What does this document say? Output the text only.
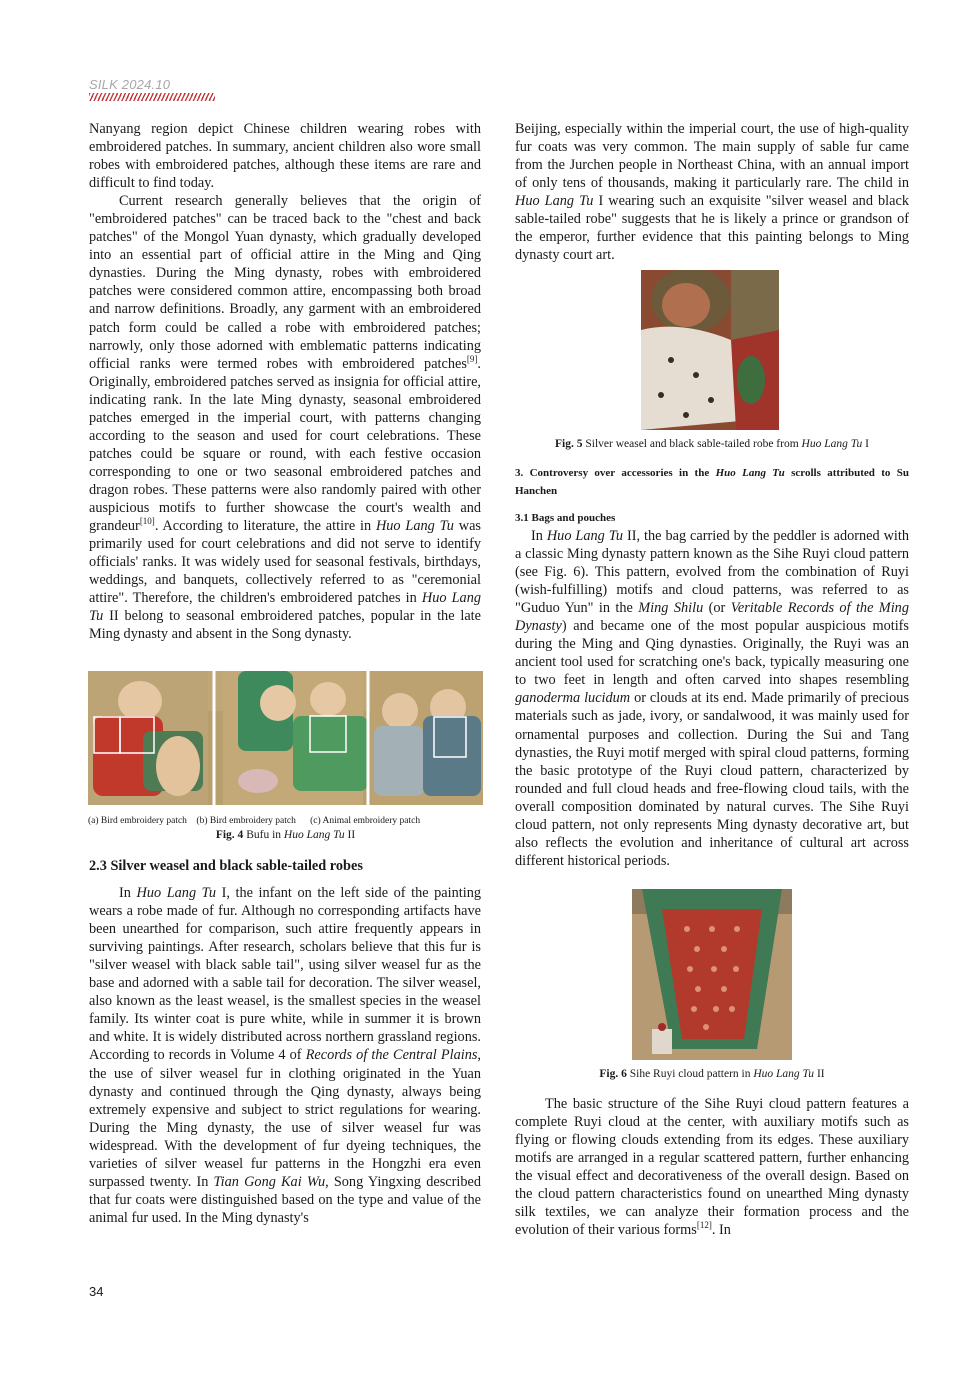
SILK 2024.10

Nanyang region depict Chinese children wearing robes with embroidered patches. In summary, ancient children also wore small robes with embroidered patches, although these items are rare and difficult to find today.

Current research generally believes that the origin of "embroidered patches" can be traced back to the "chest and back patches" of the Mongol Yuan dynasty, which gradually developed into an essential part of official attire in the Ming and Qing dynasties. During the Ming dynasty, robes with embroidered patches were considered common attire, encompassing both broad and narrow definitions. Broadly, any garment with an embroidered patch form could be called a robe with embroidered patches; narrowly, only those adorned with emblematic patterns indicating official ranks were termed robes with embroidered patches[9]. Originally, embroidered patches served as insignia for official attire, indicating rank. In the late Ming dynasty, seasonal embroidered patches emerged in the imperial court, with patterns changing according to the season and used for court celebrations. These patches could be square or round, with each festive occasion corresponding to one or two seasonal embroidered patches and dragon robes. These patterns were also randomly paired with other auspicious motifs to further showcase the court's wealth and grandeur[10]. According to literature, the attire in Huo Lang Tu was primarily used for court celebrations and did not serve to identify officials' ranks. It was widely used for seasonal festivals, birthdays, weddings, and banquets, collectively referred to as "ceremonial attire". Therefore, the children's embroidered patches in Huo Lang Tu II belong to seasonal embroidered patches, popular in the late Ming dynasty and absent in the Song dynasty.

(a) Bird embroidery patch (b) Bird embroidery patch (c) Animal embroidery patch
Fig. 4 Bufu in Huo Lang Tu II

2.3 Silver weasel and black sable-tailed robes

In Huo Lang Tu I, the infant on the left side of the painting wears a robe made of fur. Although no corresponding artifacts have been unearthed for comparison, such attire frequently appears in surviving paintings. After research, scholars believe that this fur is "silver weasel with black sable tail", using silver weasel fur as the base and adorned with a sable tail for decoration. The silver weasel, also known as the least weasel, is the smallest species in the weasel family. Its winter coat is pure white, while in summer it is brown and white. It is widely distributed across northern grassland regions. According to records in Volume 4 of Records of the Central Plains, the use of silver weasel fur in clothing originated in the Yuan dynasty and continued through the Qing dynasty, always being extremely expensive and subject to strict regulations for wearing. During the Ming dynasty, the use of silver weasel fur was widespread. With the development of fur dyeing techniques, the varieties of silver weasel fur patterns in the Hongzhi era even surpassed twenty. In Tian Gong Kai Wu, Song Yingxing described that fur coats were distinguished based on the type and value of the animal fur used. In the Ming dynasty's

Beijing, especially within the imperial court, the use of high-quality fur coats was very common. The main supply of sable fur came from the Jurchen people in Northeast China, with an annual import of only tens of thousands, making it particularly rare. The child in Huo Lang Tu I wearing such an exquisite "silver weasel and black sable-tailed robe" suggests that he is likely a prince or grandson of the emperor, further evidence that this painting belongs to Ming dynasty court art.

Fig. 5 Silver weasel and black sable-tailed robe from Huo Lang Tu I

3. Controversy over accessories in the Huo Lang Tu scrolls attributed to Su Hanchen

3.1 Bags and pouches

In Huo Lang Tu II, the bag carried by the peddler is adorned with a classic Ming dynasty pattern known as the Sihe Ruyi cloud pattern (see Fig. 6). This pattern, evolved from the combination of Ruyi (wish-fulfilling) motifs and cloud patterns, was referred to as "Guduo Yun" in the Ming Shilu (or Veritable Records of the Ming Dynasty) and became one of the most popular auspicious motifs during the Ming and Qing dynasties. Originally, the Ruyi was an ancient tool used for scratching one's back, typically measuring one to two feet in length and often carved into shapes resembling ganoderma lucidum or clouds at its end. Made primarily of precious materials such as jade, ivory, or sandalwood, it was mainly used for ornamental purposes and collection. During the Sui and Tang dynasties, the Ruyi motif merged with spiral cloud patterns, forming the basic prototype of the Ruyi cloud pattern, characterized by rounded and full cloud heads and free-flowing cloud tails, with the overall composition dominated by natural curves. The Sihe Ruyi cloud pattern, not only represents Ming dynasty decorative art, but also reflects the evolution and inheritance of cultural art across different historical periods.

Fig. 6 Sihe Ruyi cloud pattern in Huo Lang Tu II

The basic structure of the Sihe Ruyi cloud pattern features a complete Ruyi cloud at the center, with auxiliary motifs such as flying or flowing clouds extending from its edges. These auxiliary motifs are arranged in a regular scattered pattern, further enhancing the visual effect and decorativeness of the overall design. Based on the cloud pattern characteristics found on unearthed Ming dynasty silk textiles, we can analyze their formation process and the evolution of their various forms[12]. In

34
